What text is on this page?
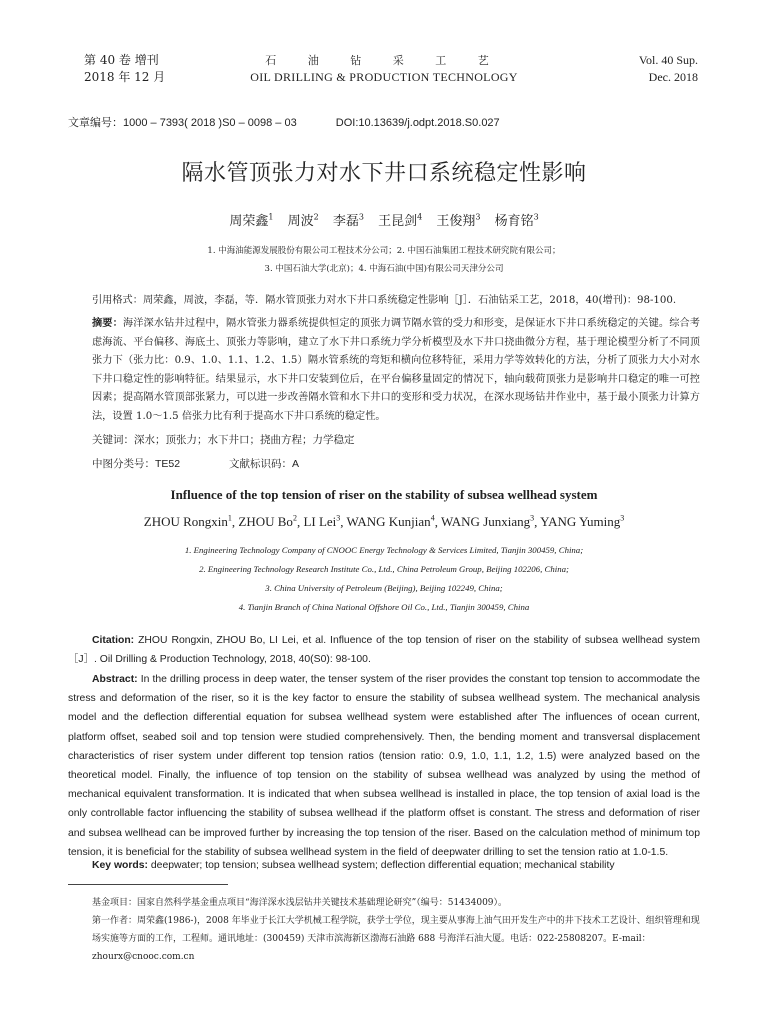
第 40 卷 增刊
2018 年 12 月
石 油 钻 采 工 艺
OIL DRILLING & PRODUCTION TECHNOLOGY
Vol. 40 Sup.
Dec. 2018
文章编号：1000 – 7393( 2018 )S0 – 0098 – 03	DOI:10.13639/j.odpt.2018.S0.027
隔水管顶张力对水下井口系统稳定性影响
周荣鑫$^1$ 周波$^2$ 李磊$^3$ 王昆剑$^4$ 王俊翔$^3$ 杨育铭$^3$
1. 中海油能源发展股份有限公司工程技术分公司；2. 中国石油集团工程技术研究院有限公司；
3. 中国石油大学(北京)；4. 中海石油(中国)有限公司天津分公司
引用格式：周荣鑫，周波，李磊，等．隔水管顶张力对水下井口系统稳定性影响［J］．石油钻采工艺，2018，40(增刊)：98-100.
摘要：海洋深水钻井过程中，隔水管张力器系统提供恒定的顶张力调节隔水管的受力和形变，是保证水下井口系统稳定的关键。综合考虑海流、平台偏移、海底土、顶张力等影响，建立了水下井口系统力学分析模型及水下井口挠曲微分方程，基于理论模型分析了不同顶张力下（张力比：0.9、1.0、1.1、1.2、1.5）隔水管系统的弯矩和横向位移特征，采用力学等效转化的方法，分析了顶张力大小对水下井口稳定性的影响特征。结果显示，水下井口安装到位后，在平台偏移量固定的情况下，轴向载荷顶张力是影响井口稳定的唯一可控因素；提高隔水管顶部张紧力，可以进一步改善隔水管和水下井口的变形和受力状况，在深水现场钻井作业中，基于最小顶张力计算方法，设置 1.0～1.5 倍张力比有利于提高水下井口系统的稳定性。
关键词：深水；顶张力；水下井口；挠曲方程；力学稳定
中图分类号：TE52	文献标识码：A
Influence of the top tension of riser on the stability of subsea wellhead system
ZHOU Rongxin$^1$, ZHOU Bo$^2$, LI Lei$^3$, WANG Kunjian$^4$, WANG Junxiang$^3$, YANG Yuming$^3$
1. Engineering Technology Company of CNOOC Energy Technology & Services Limited, Tianjin 300459, China;
2. Engineering Technology Research Institute Co., Ltd., China Petroleum Group, Beijing 102206, China;
3. China University of Petroleum (Beijing), Beijing 102249, China;
4. Tianjin Branch of China National Offshore Oil Co., Ltd., Tianjin 300459, China
Citation: ZHOU Rongxin, ZHOU Bo, LI Lei, et al. Influence of the top tension of riser on the stability of subsea wellhead system［J］. Oil Drilling & Production Technology, 2018, 40(S0): 98-100.
Abstract: In the drilling process in deep water, the tenser system of the riser provides the constant top tension to accommodate the stress and deformation of the riser, so it is the key factor to ensure the stability of subsea wellhead system. The mechanical analysis model and the deflection differential equation for subsea wellhead system were established after The influences of ocean current, platform offset, seabed soil and top tension were studied comprehensively. Then, the bending moment and transversal displacement characteristics of riser system under different top tension ratios (tension ratio: 0.9, 1.0, 1.1, 1.2, 1.5) were analyzed based on the theoretical model. Finally, the influence of top tension on the stability of subsea wellhead was analyzed by using the method of mechanical equivalent transformation. It is indicated that when subsea wellhead is installed in place, the top tension of axial load is the only controllable factor influencing the stability of subsea wellhead if the platform offset is constant. The stress and deformation of riser and subsea wellhead can be improved further by increasing the top tension of the riser. Based on the calculation method of minimum top tension, it is beneficial for the stability of subsea wellhead system in the field of deepwater drilling to set the tension ratio at 1.0-1.5.
Key words: deepwater; top tension; subsea wellhead system; deflection differential equation; mechanical stability
基金项目：国家自然科学基金重点项目“海洋深水浅层钻井关键技术基础理论研究”（编号：51434009）。
第一作者：周荣鑫(1986-)，2008 年毕业于长江大学机械工程学院，获学士学位，现主要从事海上油气田开发生产中的井下技术工艺设计、组织管理和现场实施等方面的工作，工程师。通讯地址：(300459) 天津市滨海新区渤海石油路 688 号海洋石油大厦。电话：022-25808207。E-mail：zhourx@cnooc.com.cn
